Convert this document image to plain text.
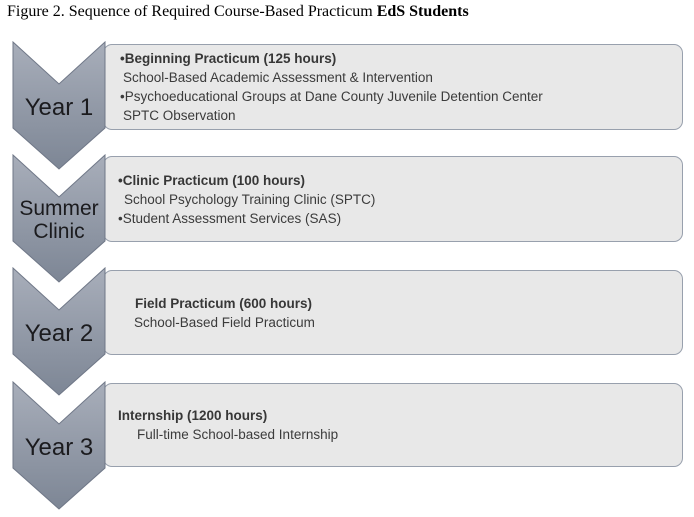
Figure 2. Sequence of Required Course-Based Practicum EdS Students
•Beginning Practicum (125 hours)
School-Based Academic Assessment & Intervention
•Psychoeducational Groups at Dane County Juvenile Detention Center
SPTC Observation
•Clinic Practicum (100 hours)
School Psychology Training Clinic (SPTC)
•Student Assessment Services (SAS)
Field Practicum (600 hours)
School-Based Field Practicum
Internship (1200 hours)
Full-time School-based Internship
Year 1
Summer
Clinic
Year 2
Year 3
